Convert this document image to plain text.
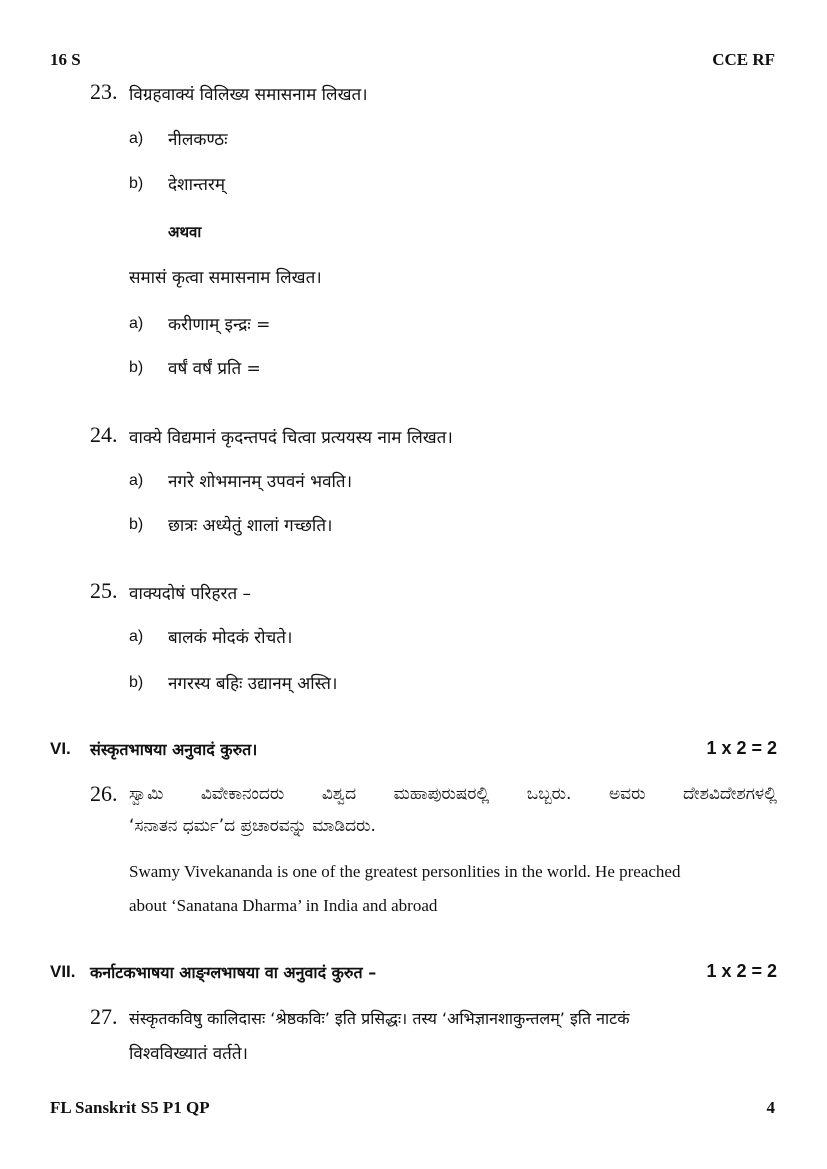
16 S	CCE RF
23. विग्रहवाक्यं विलिख्य समासनाम लिखत।
a) नीलकण्ठः
b) देशान्तरम्
अथवा
समासं कृत्वा समासनाम लिखत।
a) करीणाम् इन्द्रः =
b) वर्षं वर्षं प्रति =
24. वाक्ये विद्यमानं कृदन्तपदं चित्वा प्रत्ययस्य नाम लिखत।
a) नगरे शोभमानम् उपवनं भवति।
b) छात्रः अध्येतुं शालां गच्छति।
25. वाक्यदोषं परिहरत –
a) बालकं मोदकं रोचते।
b) नगरस्य बहिः उद्यानम् अस्ति।
VI. संस्कृतभाषया अनुवादं कुरुत।	1 x 2 = 2
26. ಸ್ವಾಮಿ ವಿವೇಕಾನಂದರು ವಿಶ್ವದ ಮಹಾಪುರುಷರಲ್ಲಿ ಒಬ್ಬರು. ಅವರು ದೇಶವಿದೇಶಗಳಲ್ಲಿ
‘ಸನಾತನ ಧರ್ಮ’ದ ಪ್ರಚಾರವನ್ನು ಮಾಡಿದರು.
Swamy Vivekananda is one of the greatest personlities in the world. He preached
about ‘Sanatana Dharma’ in India and abroad
VII. कर्नाटकभाषया आङ्ग्लभाषया वा अनुवादं कुरुत –	1 x 2 = 2
27. संस्कृतकविषु कालिदासः ‘श्रेष्ठकविः’ इति प्रसिद्धः। तस्य ‘अभिज्ञानशाकुन्तलम्’ इति नाटकं
विश्वविख्यातं वर्तते।
FL Sanskrit S5 P1 QP	4
